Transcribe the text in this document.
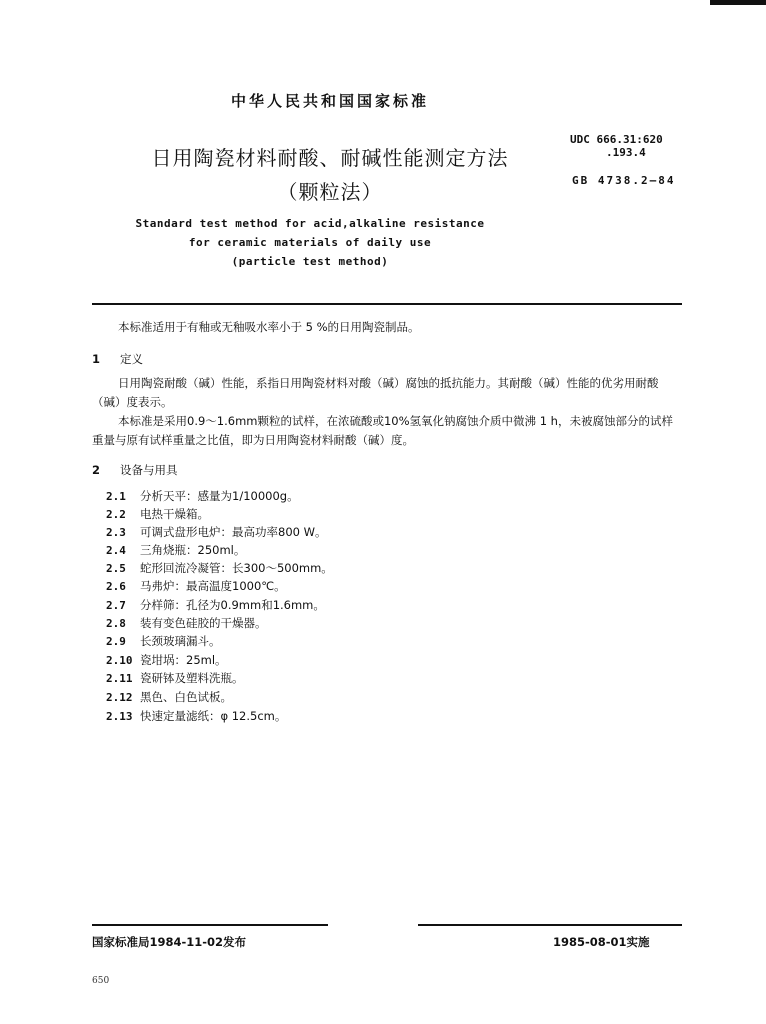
中华人民共和国国家标准
日用陶瓷材料耐酸、耐碱性能测定方法
（颗粒法）
UDC 666.31:620
.193.4
GB 4738.2—84
Standard test method for acid,alkaline resistance
for ceramic materials of daily use
(particle test method)
本标准适用于有釉或无釉吸水率小于 5 %的日用陶瓷制品。
1 定义
日用陶瓷耐酸（碱）性能，系指日用陶瓷材料对酸（碱）腐蚀的抵抗能力。其耐酸（碱）性能的优劣用耐酸（碱）度表示。
本标准是采用0.9～1.6mm颗粒的试样，在浓硫酸或10%氢氧化钠腐蚀介质中微沸 1 h，未被腐蚀部分的试样重量与原有试样重量之比值，即为日用陶瓷材料耐酸（碱）度。
2 设备与用具
2.1 分析天平：感量为1/10000g。
2.2 电热干燥箱。
2.3 可调式盘形电炉：最高功率800 W。
2.4 三角烧瓶：250ml。
2.5 蛇形回流冷凝管：长300～500mm。
2.6 马弗炉：最高温度1000℃。
2.7 分样筛：孔径为0.9mm和1.6mm。
2.8 装有变色硅胶的干燥器。
2.9 长颈玻璃漏斗。
2.10 瓷坩埚：25ml。
2.11 瓷研钵及塑料洗瓶。
2.12 黑色、白色试板。
2.13 快速定量滤纸：φ 12.5cm。
国家标准局1984-11-02发布	1985-08-01实施
650
